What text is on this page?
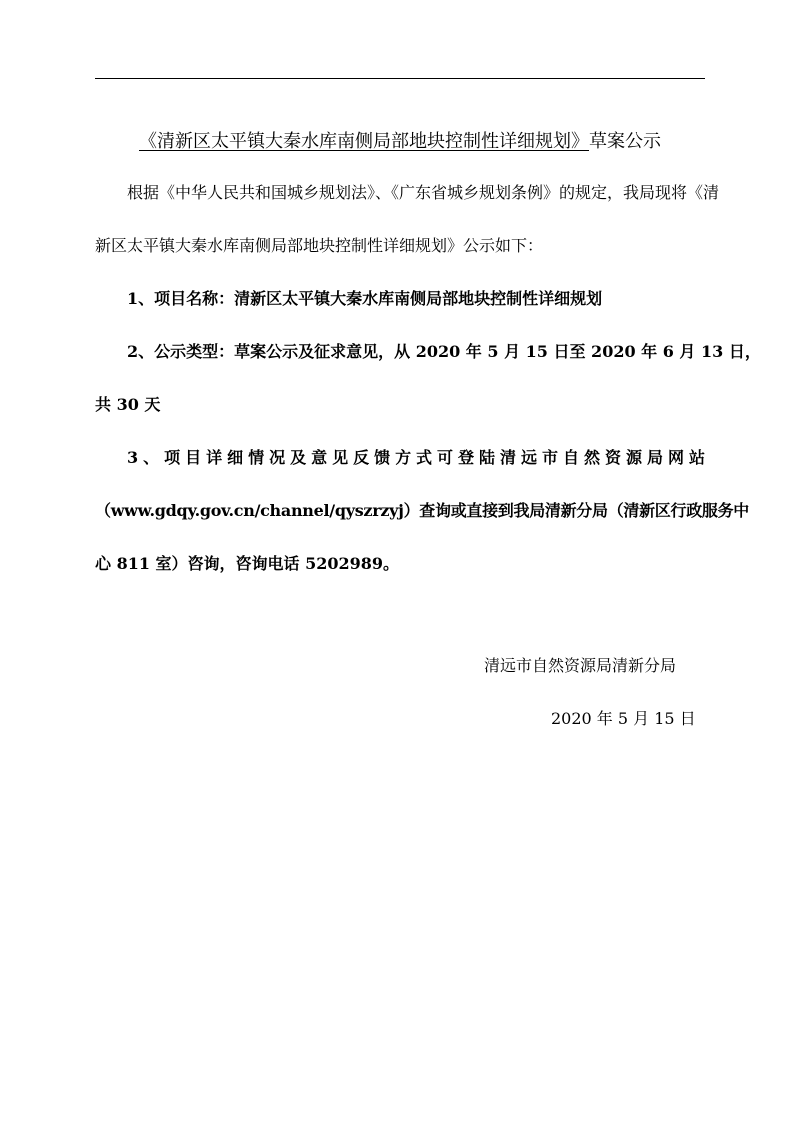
《清新区太平镇大秦水库南侧局部地块控制性详细规划》草案公示
根据《中华人民共和国城乡规划法》、《广东省城乡规划条例》的规定，我局现将《清
新区太平镇大秦水库南侧局部地块控制性详细规划》公示如下：
1、项目名称：清新区太平镇大秦水库南侧局部地块控制性详细规划
2、公示类型：草案公示及征求意见，从 2020 年 5 月 15 日至 2020 年 6 月 13 日，
共 30 天
3、项目详细情况及意见反馈方式可登陆清远市自然资源局网站
（www.gdqy.gov.cn/channel/qyszrzyj）查询或直接到我局清新分局（清新区行政服务中
心 811 室）咨询，咨询电话 5202989。
清远市自然资源局清新分局
2020 年 5 月 15 日
